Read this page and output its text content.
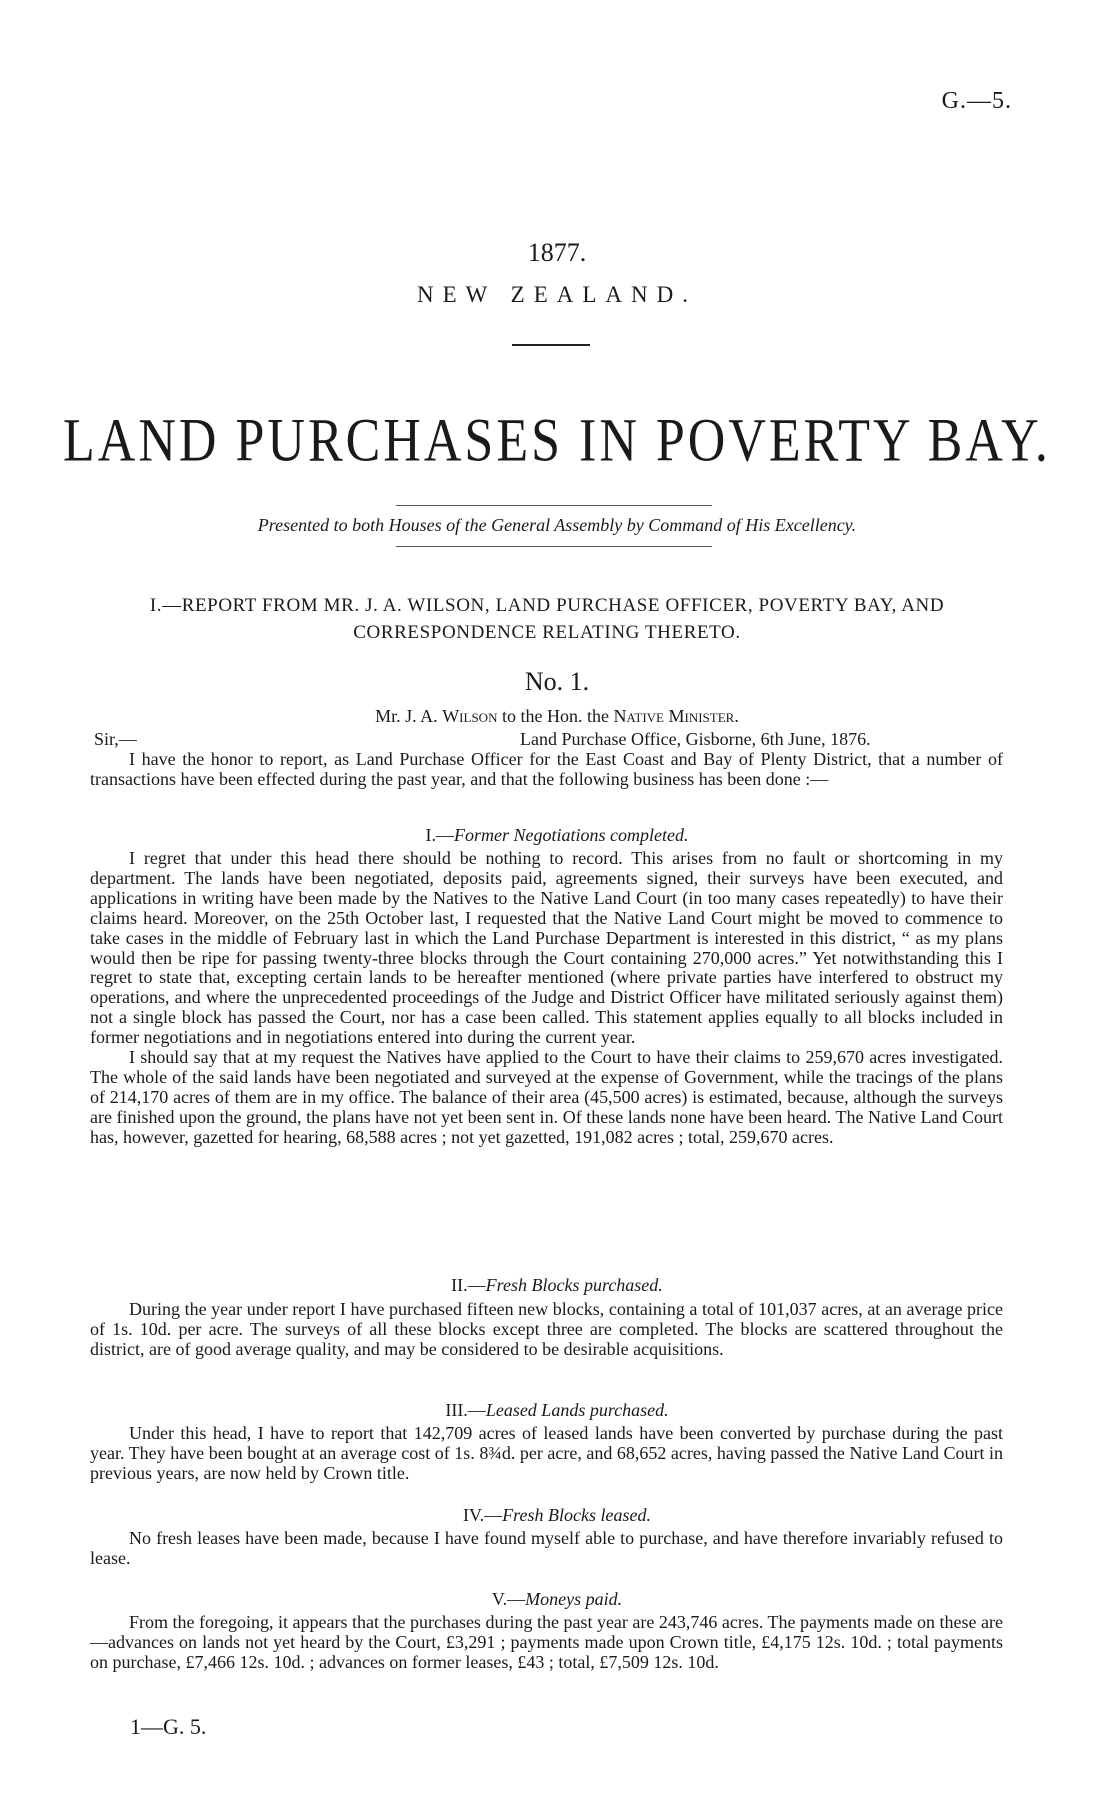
G.—5.
1877.
NEW ZEALAND.
LAND PURCHASES IN POVERTY BAY.
Presented to both Houses of the General Assembly by Command of His Excellency.
I.—REPORT FROM MR. J. A. WILSON, LAND PURCHASE OFFICER, POVERTY BAY, AND CORRESPONDENCE RELATING THERETO.
No. 1.
Mr. J. A. Wilson to the Hon. the Native Minister.
Sir,—	Land Purchase Office, Gisborne, 6th June, 1876.

I have the honor to report, as Land Purchase Officer for the East Coast and Bay of Plenty District, that a number of transactions have been effected during the past year, and that the following business has been done :—

I.—Former Negotiations completed.

I regret that under this head there should be nothing to record. This arises from no fault or shortcoming in my department. The lands have been negotiated, deposits paid, agreements signed, their surveys have been executed, and applications in writing have been made by the Natives to the Native Land Court (in too many cases repeatedly) to have their claims heard. Moreover, on the 25th October last, I requested that the Native Land Court might be moved to commence to take cases in the middle of February last in which the Land Purchase Department is interested in this district, “ as my plans would then be ripe for passing twenty-three blocks through the Court containing 270,000 acres.” Yet notwithstanding this I regret to state that, excepting certain lands to be hereafter mentioned (where private parties have interfered to obstruct my operations, and where the unprecedented proceedings of the Judge and District Officer have militated seriously against them) not a single block has passed the Court, nor has a case been called. This statement applies equally to all blocks included in former negotiations and in negotiations entered into during the current year.

I should say that at my request the Natives have applied to the Court to have their claims to 259,670 acres investigated. The whole of the said lands have been negotiated and surveyed at the expense of Government, while the tracings of the plans of 214,170 acres of them are in my office. The balance of their area (45,500 acres) is estimated, because, although the surveys are finished upon the ground, the plans have not yet been sent in. Of these lands none have been heard. The Native Land Court has, however, gazetted for hearing, 68,588 acres ; not yet gazetted, 191,082 acres ; total, 259,670 acres.

II.—Fresh Blocks purchased.

During the year under report I have purchased fifteen new blocks, containing a total of 101,037 acres, at an average price of 1s. 10d. per acre. The surveys of all these blocks except three are completed. The blocks are scattered throughout the district, are of good average quality, and may be considered to be desirable acquisitions.

III.—Leased Lands purchased.

Under this head, I have to report that 142,709 acres of leased lands have been converted by purchase during the past year. They have been bought at an average cost of 1s. 8¾d. per acre, and 68,652 acres, having passed the Native Land Court in previous years, are now held by Crown title.

IV.—Fresh Blocks leased.

No fresh leases have been made, because I have found myself able to purchase, and have therefore invariably refused to lease.

V.—Moneys paid.

From the foregoing, it appears that the purchases during the past year are 243,746 acres. The payments made on these are—advances on lands not yet heard by the Court, £3,291 ; payments made upon Crown title, £4,175 12s. 10d. ; total payments on purchase, £7,466 12s. 10d. ; advances on former leases, £43 ; total, £7,509 12s. 10d.

1—G. 5.
